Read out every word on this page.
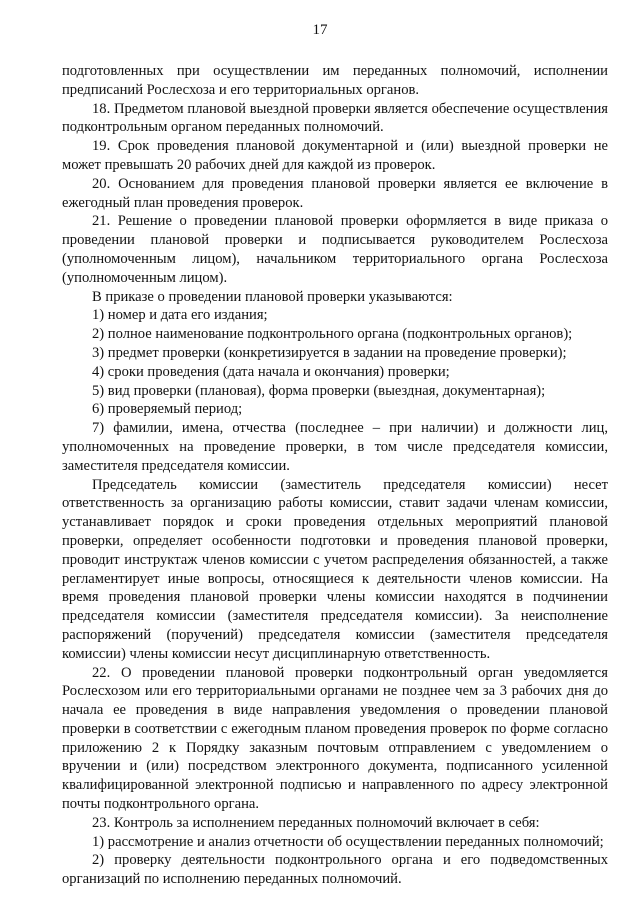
17

подготовленных при осуществлении им переданных полномочий, исполнении предписаний Рослесхоза и его территориальных органов.

18. Предметом плановой выездной проверки является обеспечение осуществления подконтрольным органом переданных полномочий.

19. Срок проведения плановой документарной и (или) выездной проверки не может превышать 20 рабочих дней для каждой из проверок.

20. Основанием для проведения плановой проверки является ее включение в ежегодный план проведения проверок.

21. Решение о проведении плановой проверки оформляется в виде приказа о проведении плановой проверки и подписывается руководителем Рослесхоза (уполномоченным лицом), начальником территориального органа Рослесхоза (уполномоченным лицом).

В приказе о проведении плановой проверки указываются:

1) номер и дата его издания;

2) полное наименование подконтрольного органа (подконтрольных органов);

3) предмет проверки (конкретизируется в задании на проведение проверки);

4) сроки проведения (дата начала и окончания) проверки;

5) вид проверки (плановая), форма проверки (выездная, документарная);

6) проверяемый период;

7) фамилии, имена, отчества (последнее – при наличии) и должности лиц, уполномоченных на проведение проверки, в том числе председателя комиссии, заместителя председателя комиссии.

Председатель комиссии (заместитель председателя комиссии) несет ответственность за организацию работы комиссии, ставит задачи членам комиссии, устанавливает порядок и сроки проведения отдельных мероприятий плановой проверки, определяет особенности подготовки и проведения плановой проверки, проводит инструктаж членов комиссии с учетом распределения обязанностей, а также регламентирует иные вопросы, относящиеся к деятельности членов комиссии. На время проведения плановой проверки члены комиссии находятся в подчинении председателя комиссии (заместителя председателя комиссии). За неисполнение распоряжений (поручений) председателя комиссии (заместителя председателя комиссии) члены комиссии несут дисциплинарную ответственность.

22. О проведении плановой проверки подконтрольный орган уведомляется Рослесхозом или его территориальными органами не позднее чем за 3 рабочих дня до начала ее проведения в виде направления уведомления о проведении плановой проверки в соответствии с ежегодным планом проведения проверок по форме согласно приложению 2 к Порядку заказным почтовым отправлением с уведомлением о вручении и (или) посредством электронного документа, подписанного усиленной квалифицированной электронной подписью и направленного по адресу электронной почты подконтрольного органа.

23. Контроль за исполнением переданных полномочий включает в себя:

1) рассмотрение и анализ отчетности об осуществлении переданных полномочий;

2) проверку деятельности подконтрольного органа и его подведомственных организаций по исполнению переданных полномочий.
